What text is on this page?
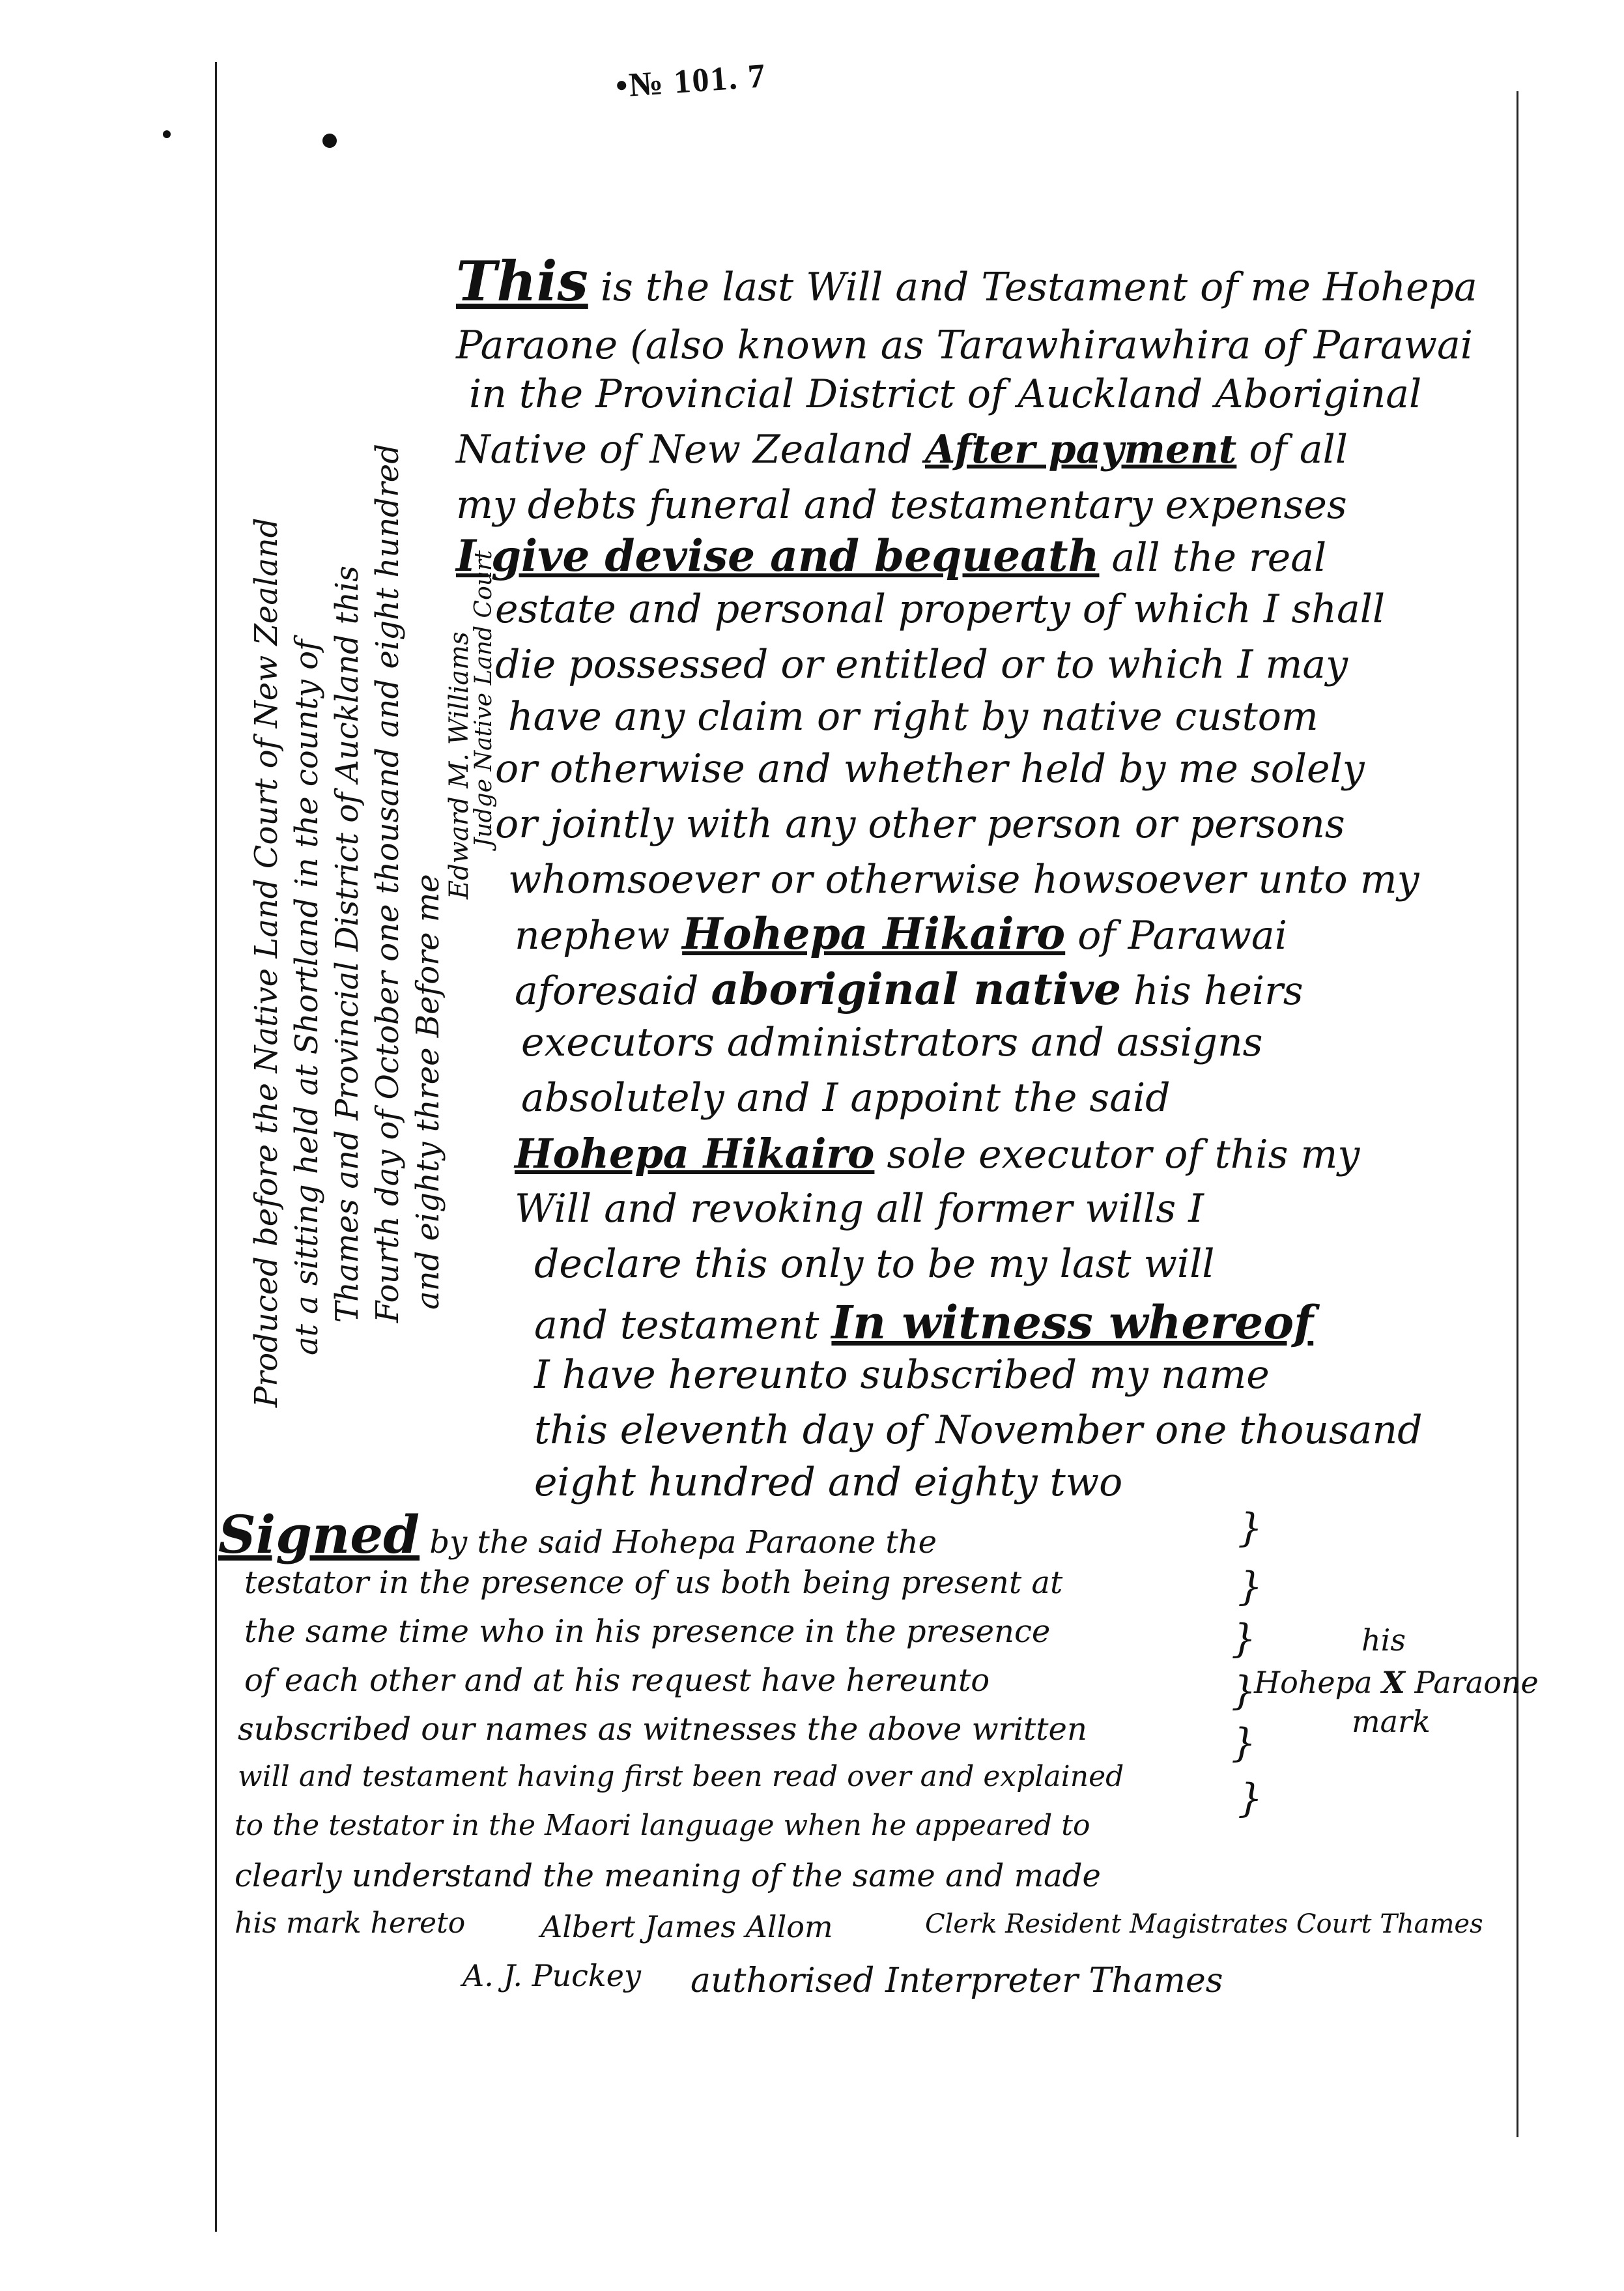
•№ 101. 7
This is the last Will and Testament of me Hohepa
Paraone (also known as Tarawhirawhira of Parawai
in the Provincial District of Auckland Aboriginal
Native of New Zealand After payment of all
my debts funeral and testamentary expenses
I give devise and bequeath all the real
estate and personal property of which I shall
die possessed or entitled or to which I may
have any claim or right by native custom
or otherwise and whether held by me solely
or jointly with any other person or persons
whomsoever or otherwise howsoever unto my
nephew Hohepa Hikairo of Parawai
aforesaid aboriginal native his heirs
executors administrators and assigns
absolutely and I appoint the said
Hohepa Hikairo sole executor of this my
Will and revoking all former wills I
declare this only to be my last will
and testament In witness whereof
I have hereunto subscribed my name
this eleventh day of November one thousand
eight hundred and eighty two
Produced before the Native Land Court of New Zealand at a sitting held at Shortland in the county of Thames and Provincial District of Auckland this Fourth day of October one thousand and eight hundred and eighty three Before me
Edward M. Williams
Judge Native Land Court
Signed by the said Hohepa Paraone the
testator in the presence of us both being present at
the same time who in his presence in the presence
of each other and at his request have hereunto
subscribed our names as witnesses the above written
will and testament having first been read over and explained
to the testator in the Maori language when he appeared to
clearly understand the meaning of the same and made
his mark hereto
}
}
}
}
}
}
his
Hohepa X Paraone
mark
Albert James Allom	Clerk Resident Magistrates Court Thames
A. J. Puckey authorised Interpreter Thames
